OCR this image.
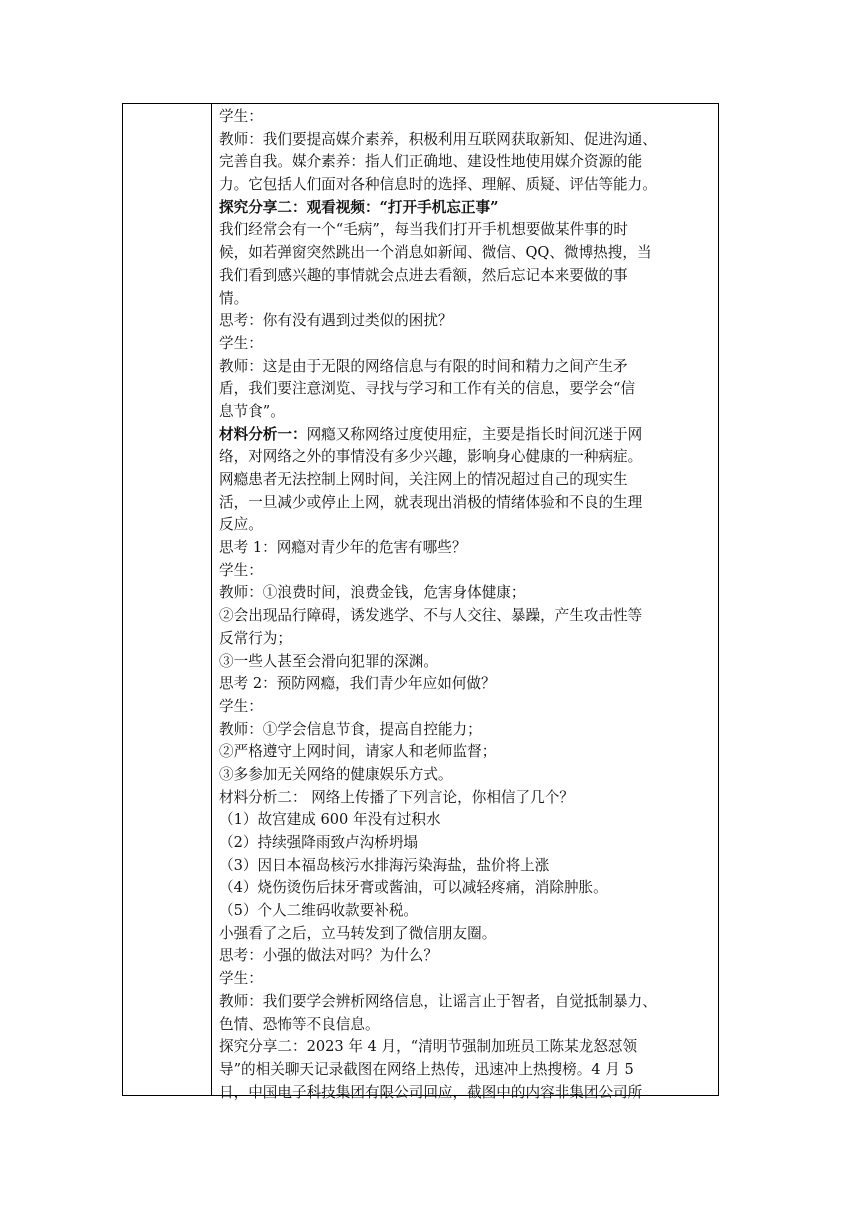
学生：
教师：我们要提高媒介素养，积极利用互联网获取新知、促进沟通、
完善自我。媒介素养：指人们正确地、建设性地使用媒介资源的能
力。它包括人们面对各种信息时的选择、理解、质疑、评估等能力。
探究分享二：观看视频：“打开手机忘正事”
我们经常会有一个“毛病”，每当我们打开手机想要做某件事的时
候，如若弹窗突然跳出一个消息如新闻、微信、QQ、微博热搜，当
我们看到感兴趣的事情就会点进去看额，然后忘记本来要做的事
情。
思考：你有没有遇到过类似的困扰？
学生：
教师：这是由于无限的网络信息与有限的时间和精力之间产生矛
盾，我们要注意浏览、寻找与学习和工作有关的信息，要学会“信
息节食”。
材料分析一：网瘾又称网络过度使用症，主要是指长时间沉迷于网
络，对网络之外的事情没有多少兴趣，影响身心健康的一种病症。
网瘾患者无法控制上网时间，关注网上的情况超过自己的现实生
活，一旦减少或停止上网，就表现出消极的情绪体验和不良的生理
反应。
思考 1：网瘾对青少年的危害有哪些？
学生：
教师：①浪费时间，浪费金钱，危害身体健康；
②会出现品行障碍，诱发逃学、不与人交往、暴躁，产生攻击性等
反常行为；
③一些人甚至会滑向犯罪的深渊。
思考 2：预防网瘾，我们青少年应如何做？
学生：
教师：①学会信息节食，提高自控能力；
②严格遵守上网时间，请家人和老师监督；
③多参加无关网络的健康娱乐方式。
材料分析二： 网络上传播了下列言论，你相信了几个？
（1）故宫建成 600 年没有过积水
（2）持续强降雨致卢沟桥坍塌
（3）因日本福岛核污水排海污染海盐，盐价将上涨
（4）烧伤烫伤后抹牙膏或酱油，可以减轻疼痛，消除肿胀。
（5）个人二维码收款要补税。
小强看了之后，立马转发到了微信朋友圈。
思考：小强的做法对吗？为什么？
学生：
教师：我们要学会辨析网络信息，让谣言止于智者，自觉抵制暴力、
色情、恐怖等不良信息。
探究分享二：2023 年 4 月，“清明节强制加班员工陈某龙怒怼领
导”的相关聊天记录截图在网络上热传，迅速冲上热搜榜。4 月 5
日，中国电子科技集团有限公司回应，截图中的内容非集团公司所
